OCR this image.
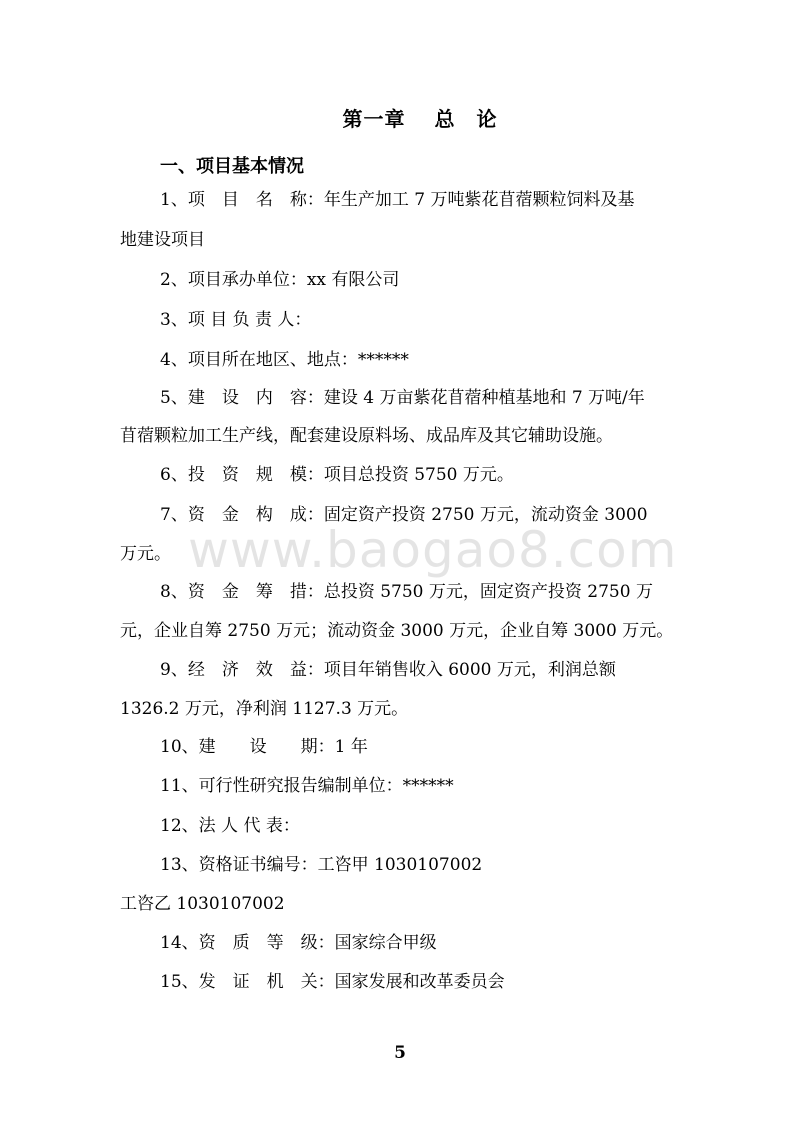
第一章　 总　论
一、项目基本情况
1、项　目　名　称：年生产加工 7 万吨紫花苜蓿颗粒饲料及基
地建设项目
2、项目承办单位：xx 有限公司
3、项 目 负 责 人：
4、项目所在地区、地点：******
5、建　设　内　容：建设 4 万亩紫花苜蓿种植基地和 7 万吨/年
苜蓿颗粒加工生产线，配套建设原料场、成品库及其它辅助设施。
6、投　资　规　模：项目总投资 5750 万元。
7、资　金　构　成：固定资产投资 2750 万元，流动资金 3000
万元。
8、资　金　筹　措：总投资 5750 万元，固定资产投资 2750 万
元，企业自筹 2750 万元；流动资金 3000 万元，企业自筹 3000 万元。
9、经　济　效　益：项目年销售收入 6000 万元，利润总额
1326.2 万元，净利润 1127.3 万元。
10、建　　设　　期：1 年
11、可行性研究报告编制单位：******
12、法 人 代 表：
13、资格证书编号：工咨甲 1030107002
工咨乙 1030107002
14、资　质　等　级：国家综合甲级
15、发　证　机　关：国家发展和改革委员会
www.baogao8.com
5
